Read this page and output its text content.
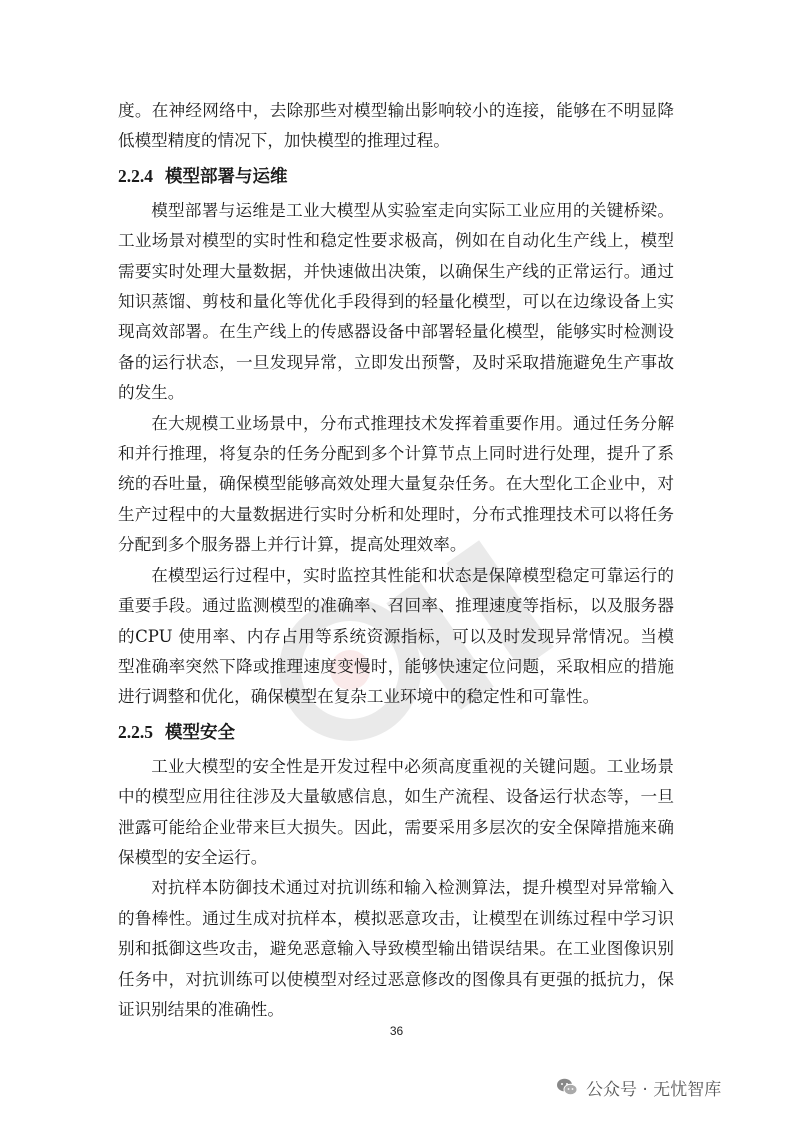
度。在神经网络中，去除那些对模型输出影响较小的连接，能够在不明显降低模型精度的情况下，加快模型的推理过程。

2.2.4 模型部署与运维

模型部署与运维是工业大模型从实验室走向实际工业应用的关键桥梁。工业场景对模型的实时性和稳定性要求极高，例如在自动化生产线上，模型需要实时处理大量数据，并快速做出决策，以确保生产线的正常运行。通过知识蒸馏、剪枝和量化等优化手段得到的轻量化模型，可以在边缘设备上实现高效部署。在生产线上的传感器设备中部署轻量化模型，能够实时检测设备的运行状态，一旦发现异常，立即发出预警，及时采取措施避免生产事故的发生。

在大规模工业场景中，分布式推理技术发挥着重要作用。通过任务分解和并行推理，将复杂的任务分配到多个计算节点上同时进行处理，提升了系统的吞吐量，确保模型能够高效处理大量复杂任务。在大型化工企业中，对生产过程中的大量数据进行实时分析和处理时，分布式推理技术可以将任务分配到多个服务器上并行计算，提高处理效率。

在模型运行过程中，实时监控其性能和状态是保障模型稳定可靠运行的重要手段。通过监测模型的准确率、召回率、推理速度等指标，以及服务器的CPU 使用率、内存占用等系统资源指标，可以及时发现异常情况。当模型准确率突然下降或推理速度变慢时，能够快速定位问题，采取相应的措施进行调整和优化，确保模型在复杂工业环境中的稳定性和可靠性。

2.2.5 模型安全

工业大模型的安全性是开发过程中必须高度重视的关键问题。工业场景中的模型应用往往涉及大量敏感信息，如生产流程、设备运行状态等，一旦泄露可能给企业带来巨大损失。因此，需要采用多层次的安全保障措施来确保模型的安全运行。

对抗样本防御技术通过对抗训练和输入检测算法，提升模型对异常输入的鲁棒性。通过生成对抗样本，模拟恶意攻击，让模型在训练过程中学习识别和抵御这些攻击，避免恶意输入导致模型输出错误结果。在工业图像识别任务中，对抗训练可以使模型对经过恶意修改的图像具有更强的抵抗力，保证识别结果的准确性。

36
公众号 · 无忧智库
